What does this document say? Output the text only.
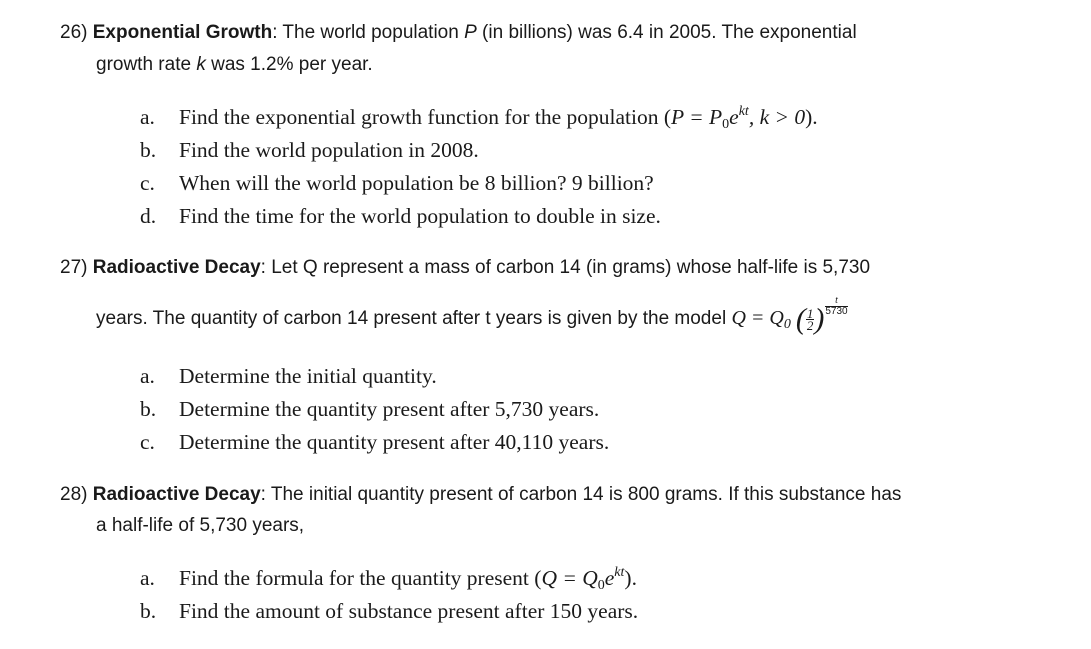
26) Exponential Growth: The world population P (in billions) was 6.4 in 2005. The exponential
growth rate k was 1.2% per year.
a.	Find the exponential growth function for the population ($P = P_0e^{kt}$, k > 0).
b.	Find the world population in 2008.
c.	When will the world population be 8 billion? 9 billion?
d.	Find the time for the world population to double in size.
27) Radioactive Decay: Let Q represent a mass of carbon 14 (in grams) whose half-life is 5,730
years. The quantity of carbon 14 present after t years is given by the model $Q = Q_0$ ( $\frac{1}{2}$ ) $\frac{t}{5730}$
a.	Determine the initial quantity.
b.	Determine the quantity present after 5,730 years.
c.	Determine the quantity present after 40,110 years.
28) Radioactive Decay: The initial quantity present of carbon 14 is 800 grams. If this substance has
a half-life of 5,730 years,
a.	Find the formula for the quantity present $(Q = Q_0e^{kt})$.
b.	Find the amount of substance present after 150 years.
